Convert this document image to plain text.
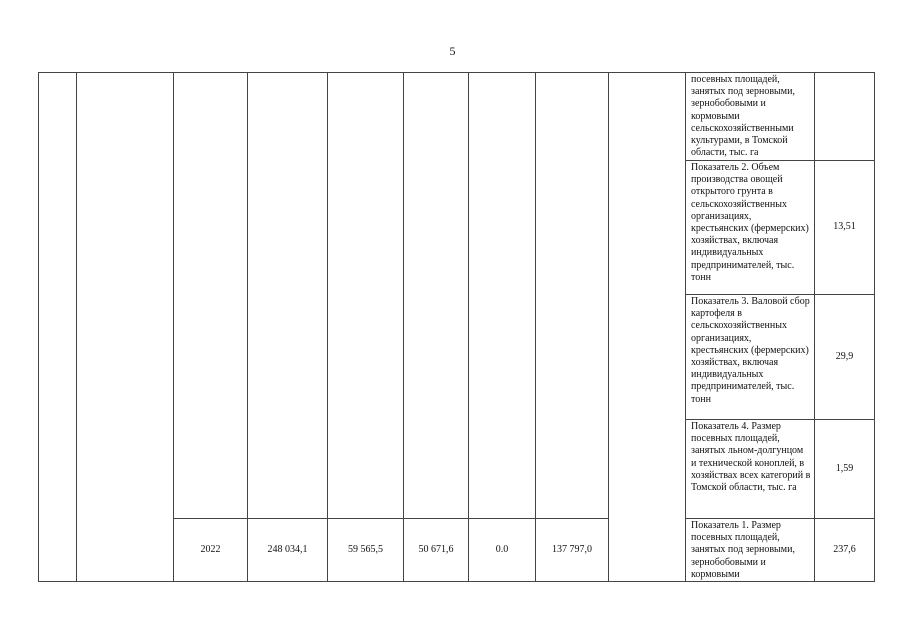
5
									посевных площадей, занятых под зерновыми, зернобобовыми и кормовыми сельскохозяйственными культурами, в Томской области, тыс. га	
									Показатель 2. Объем производства овощей открытого грунта в сельскохозяйственных организациях, крестьянских (фермерских) хозяйствах, включая индивидуальных предпринимателей, тыс. тонн	13,51
									Показатель 3. Валовой сбор картофеля в сельскохозяйственных организациях, крестьянских (фермерских) хозяйствах, включая индивидуальных предпринимателей, тыс. тонн	29,9
									Показатель 4. Размер посевных площадей, занятых льном-долгунцом и технической коноплей, в хозяйствах всех категорий в Томской области, тыс. га	1,59
		2022	248 034,1	59 565,5	50 671,6	0.0	137 797,0		Показатель 1. Размер посевных площадей, занятых под зерновыми, зернобобовыми и кормовыми	237,6
